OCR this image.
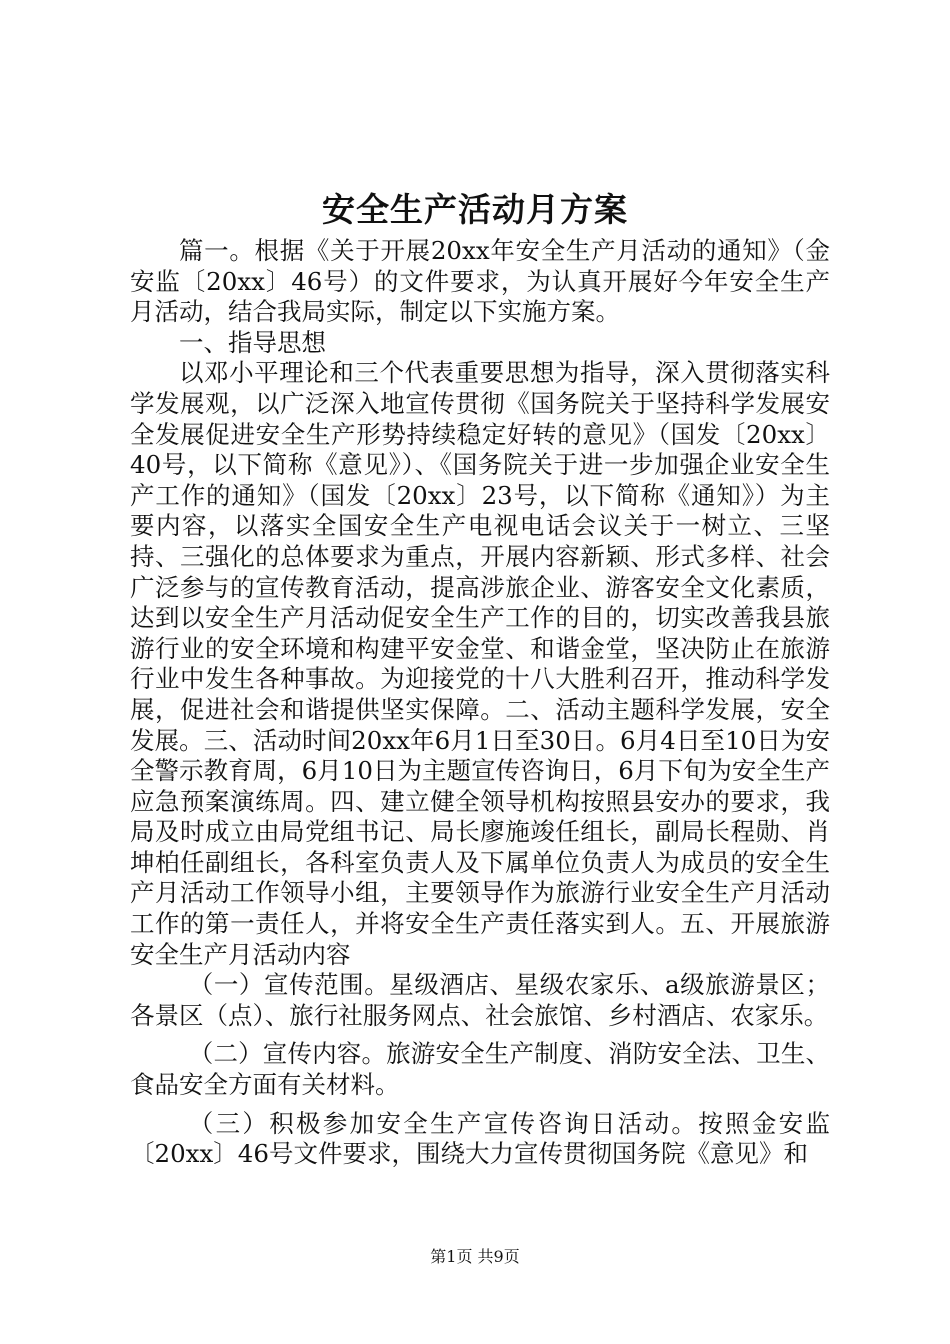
安全生产活动月方案

篇一。根据《关于开展20xx年安全生产月活动的通知》（金安监〔20xx〕46号）的文件要求，为认真开展好今年安全生产月活动，结合我局实际，制定以下实施方案。

一、指导思想

以邓小平理论和三个代表重要思想为指导，深入贯彻落实科学发展观，以广泛深入地宣传贯彻《国务院关于坚持科学发展安全发展促进安全生产形势持续稳定好转的意见》（国发〔20xx〕40号，以下简称《意见》）、《国务院关于进一步加强企业安全生产工作的通知》（国发〔20xx〕23号，以下简称《通知》）为主要内容，以落实全国安全生产电视电话会议关于一树立、三坚持、三强化的总体要求为重点，开展内容新颖、形式多样、社会广泛参与的宣传教育活动，提高涉旅企业、游客安全文化素质，达到以安全生产月活动促安全生产工作的目的，切实改善我县旅游行业的安全环境和构建平安金堂、和谐金堂，坚决防止在旅游行业中发生各种事故。为迎接党的十八大胜利召开，推动科学发展，促进社会和谐提供坚实保障。二、活动主题科学发展，安全发展。三、活动时间20xx年6月1日至30日。6月4日至10日为安全警示教育周，6月10日为主题宣传咨询日，6月下旬为安全生产应急预案演练周。四、建立健全领导机构按照县安办的要求，我局及时成立由局党组书记、局长廖施竣任组长，副局长程勋、肖坤柏任副组长，各科室负责人及下属单位负责人为成员的安全生产月活动工作领导小组，主要领导作为旅游行业安全生产月活动工作的第一责任人，并将安全生产责任落实到人。五、开展旅游安全生产月活动内容

（一）宣传范围。星级酒店、星级农家乐、a级旅游景区；各景区（点）、旅行社服务网点、社会旅馆、乡村酒店、农家乐。

（二）宣传内容。旅游安全生产制度、消防安全法、卫生、食品安全方面有关材料。

（三）积极参加安全生产宣传咨询日活动。按照金安监〔20xx〕46号文件要求，围绕大力宣传贯彻国务院《意见》和

第1页 共9页
